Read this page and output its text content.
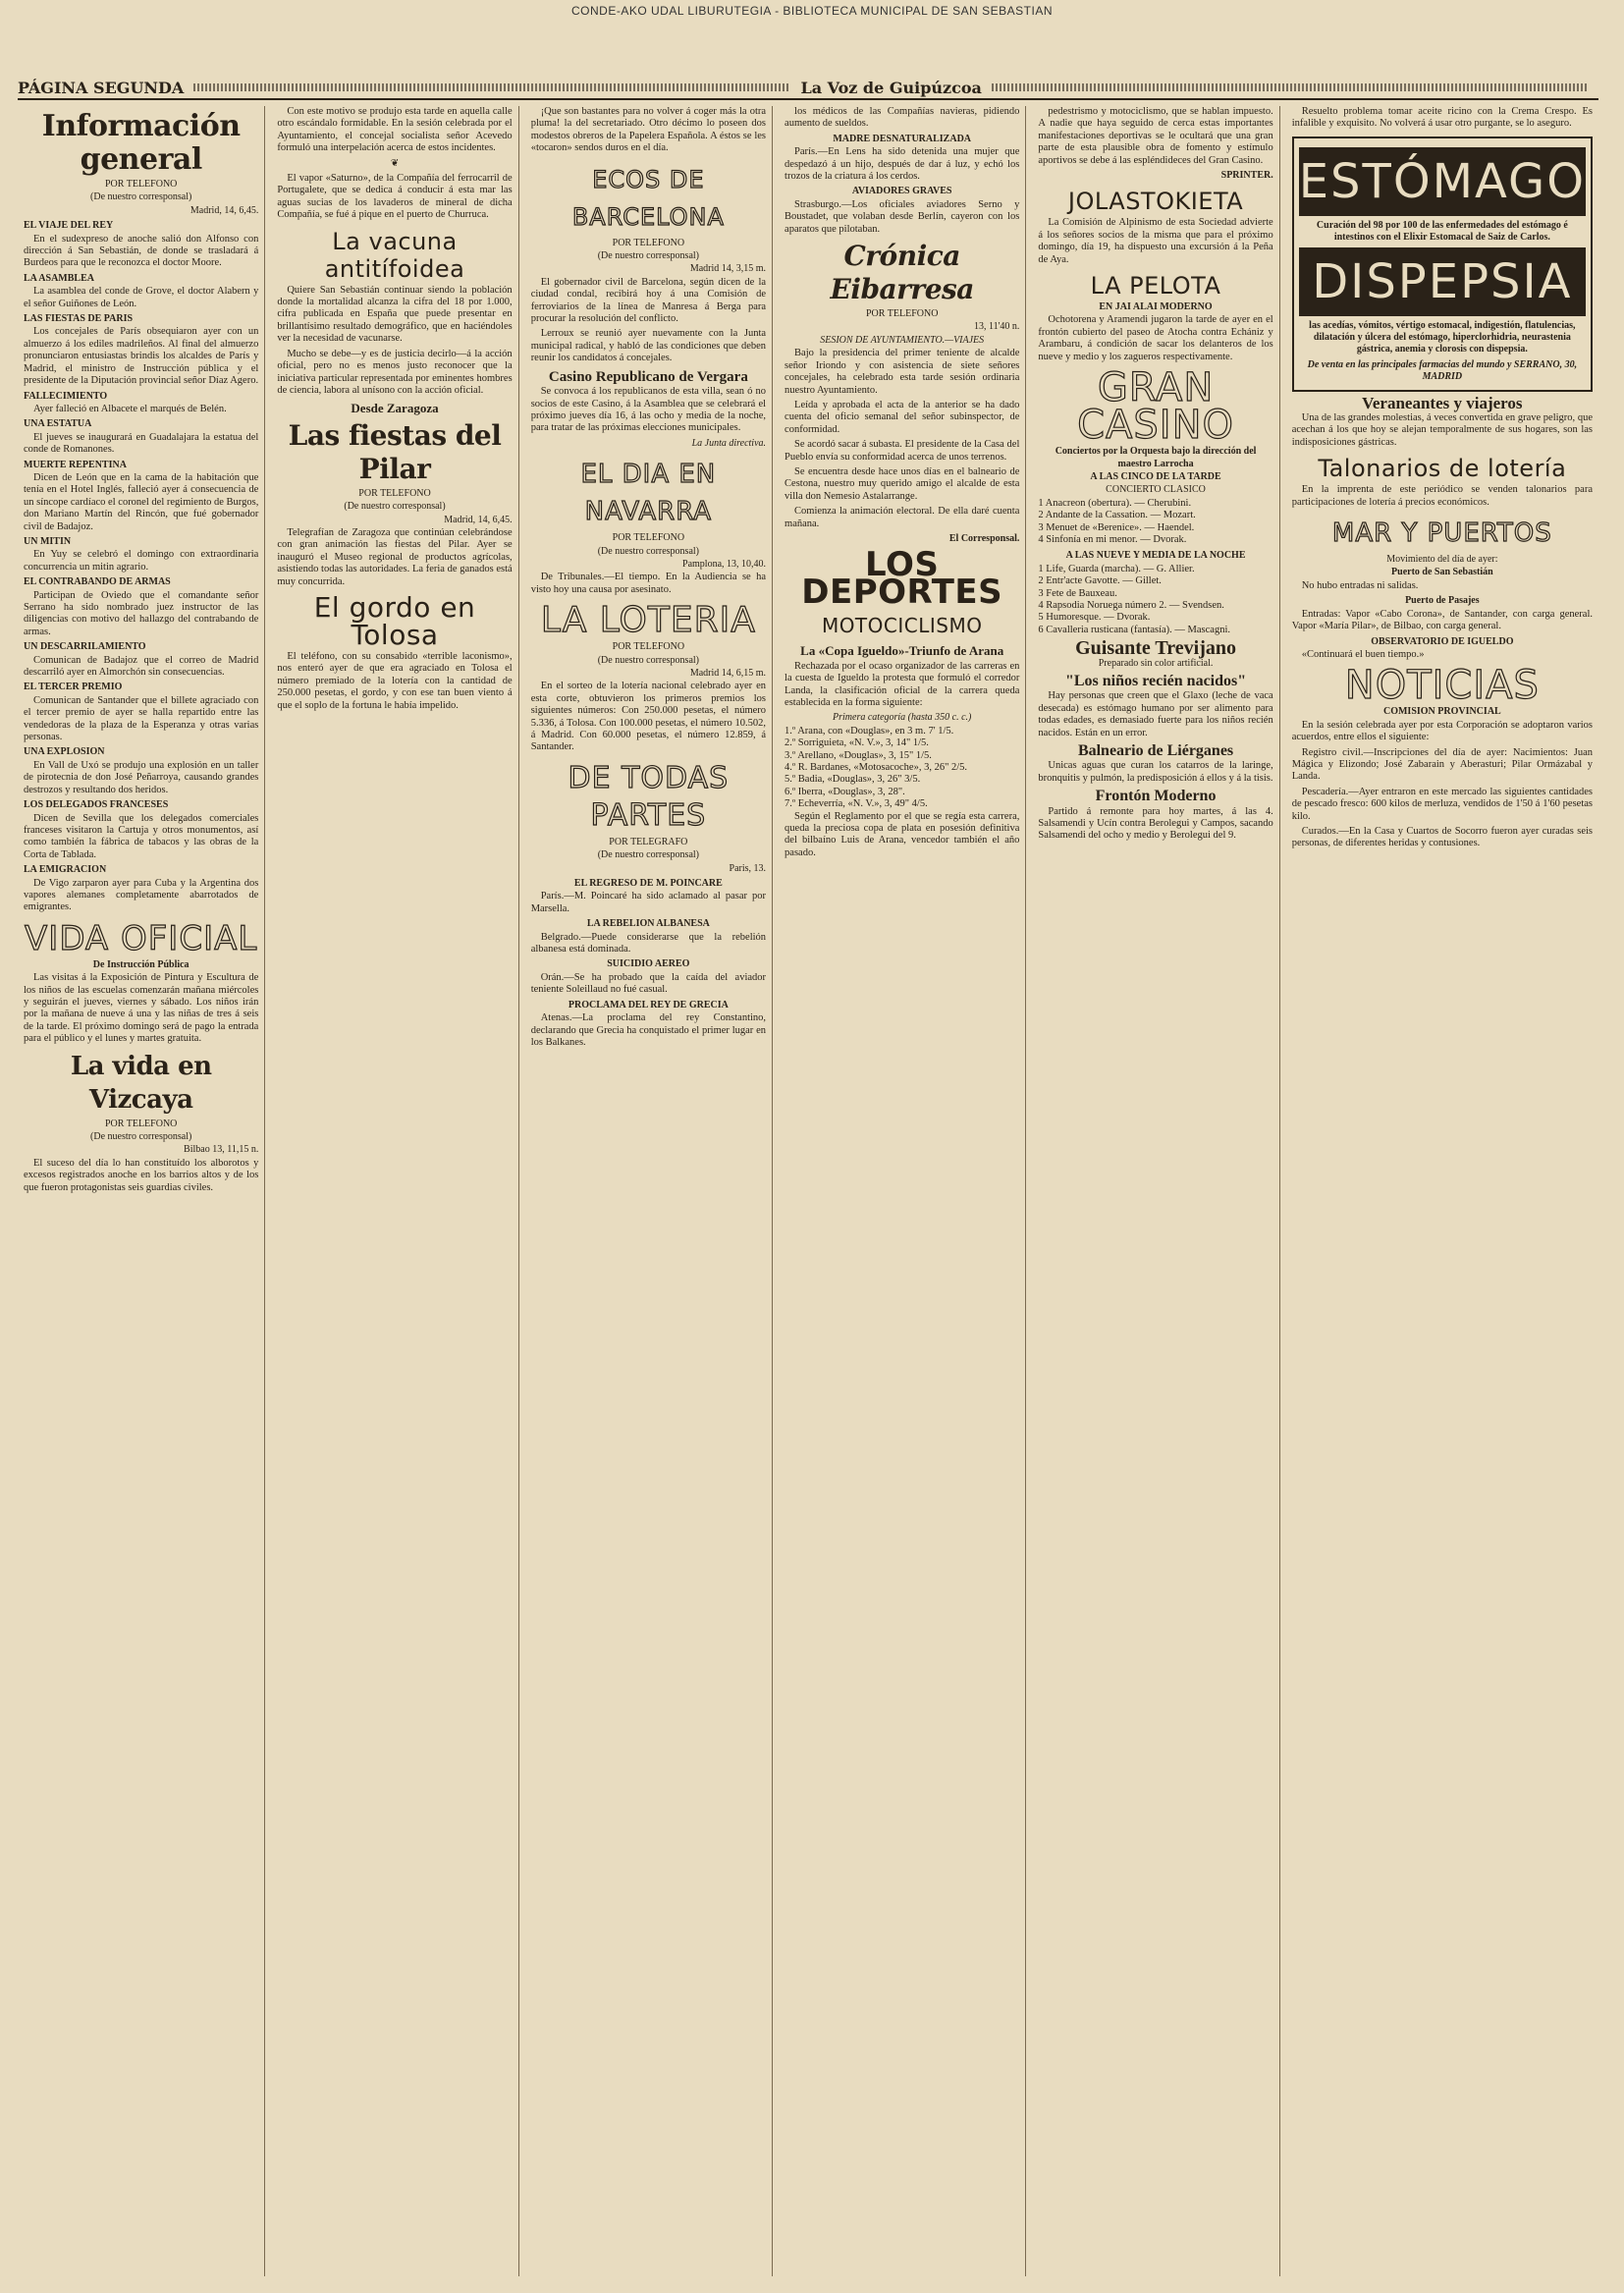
CONDE-AKO UDAL LIBURUTEGIA - BIBLIOTECA MUNICIPAL DE SAN SEBASTIAN
PÁGINA SEGUNDA	La Voz de Guipúzcoa
Información general
POR TELEFONO
(De nuestro corresponsal)
Madrid, 14, 6,45.
EL VIAJE DEL REY

En el sudexpreso de anoche salió don Alfonso con dirección á San Sebastián, de donde se trasladará á Burdeos para que le reconozca el doctor Moore.

LA ASAMBLEA

La asamblea del conde de Grove, el doctor Alabern y el señor Guiñones de León.

LAS FIESTAS DE PARIS

Los concejales de París obsequiaron ayer con un almuerzo á los ediles madrileños. Al final del almuerzo pronunciaron entusiastas brindis los alcaldes de París y Madrid, el ministro de Instrucción pública y el presidente de la Diputación provincial señor Díaz Agero.

FALLECIMIENTO

Ayer falleció en Albacete el marqués de Belén.

UNA ESTATUA

El jueves se inaugurará en Guadalajara la estatua del conde de Romanones.

MUERTE REPENTINA

Dicen de León que en la cama de la habitación que tenía en el Hotel Inglés, falleció ayer á consecuencia de un síncope cardíaco el coronel del regimiento de Burgos, don Mariano Martín del Rincón, que fué gobernador civil de Badajoz.

UN MITIN

En Yuy se celebró el domingo con extraordinaria concurrencia un mitin agrario.

EL CONTRABANDO DE ARMAS

Participan de Oviedo que el comandante señor Serrano ha sido nombrado juez instructor de las diligencias con motivo del hallazgo del contrabando de armas.

UN DESCARRILAMIENTO

Comunican de Badajoz que el correo de Madrid descarriló ayer en Almorchón sin consecuencias.

EL TERCER PREMIO

Comunican de Santander que el billete agraciado con el tercer premio de ayer se halla repartido entre las vendedoras de la plaza de la Esperanza y otras varias personas.

UNA EXPLOSION

En Vall de Uxó se produjo una explosión en un taller de pirotecnia de don José Peñarroya, causando grandes destrozos y resultando dos heridos.

LOS DELEGADOS FRANCESES

Dicen de Sevilla que los delegados comerciales franceses visitaron la Cartuja y otros monumentos, así como también la fábrica de tabacos y las obras de la Corta de Tablada.

LA EMIGRACION

De Vigo zarparon ayer para Cuba y la Argentina dos vapores alemanes completamente abarrotados de emigrantes.

VIDA OFICIAL
De Instrucción Pública

Las visitas á la Exposición de Pintura y Escultura de los niños de las escuelas comenzarán mañana miércoles y seguirán el jueves, viernes y sábado. Los niños irán por la mañana de nueve á una y las niñas de tres á seis de la tarde. El próximo domingo será de pago la entrada para el público y el lunes y martes gratuita.

La vida en Vizcaya
POR TELEFONO
(De nuestro corresponsal)
Bilbao 13, 11,15 n.

El suceso del día lo han constituído los alborotos y excesos registrados anoche en los barrios altos y de los que fueron protagonistas seis guardias civiles.

Con este motivo se produjo esta tarde en aquella calle otro escándalo formidable. En la sesión celebrada por el Ayuntamiento, el concejal socialista señor Acevedo formuló una interpelación acerca de estos incidentes.

❦

El vapor «Saturno», de la Compañía del ferrocarril de Portugalete, que se dedica á conducir á esta mar las aguas sucias de los lavaderos de mineral de dicha Compañía, se fué á pique en el puerto de Churruca.

La vacuna antitífoidea

Quiere San Sebastián continuar siendo la población donde la mortalidad alcanza la cifra del 18 por 1.000, cifra publicada en España que puede presentar en brillantísimo resultado demográfico, que en haciéndoles ver la necesidad de vacunarse.

Mucho se debe—y es de justicia decirlo—á la acción oficial, pero no es menos justo reconocer que la iniciativa particular representada por eminentes hombres de ciencia, labora al unísono con la acción oficial.

Desde Zaragoza
Las fiestas del Pilar
POR TELEFONO
(De nuestro corresponsal)
Madrid, 14, 6,45.

Telegrafían de Zaragoza que continúan celebrándose con gran animación las fiestas del Pilar. Ayer se inauguró el Museo regional de productos agrícolas, asistiendo todas las autoridades. La feria de ganados está muy concurrida.

El gordo en Tolosa

El teléfono, con su consabido «terrible laconismo», nos enteró ayer de que era agraciado en Tolosa el número premiado de la lotería con la cantidad de 250.000 pesetas, el gordo, y con ese tan buen viento á que el soplo de la fortuna le había impelido.

¡Que son bastantes para no volver á coger más la otra pluma! la del secretariado. Otro décimo lo poseen dos modestos obreros de la Papelera Española. A éstos se les «tocaron» sendos duros en el día.

ECOS DE BARCELONA
POR TELEFONO
(De nuestro corresponsal)
Madrid 14, 3,15 m.

El gobernador civil de Barcelona, según dicen de la ciudad condal, recibirá hoy á una Comisión de ferroviarios de la línea de Manresa á Berga para procurar la resolución del conflicto.

Lerroux se reunió ayer nuevamente con la Junta municipal radical, y habló de las condiciones que deben reunir los candidatos á concejales.

Casino Republicano de Vergara

Se convoca á los republicanos de esta villa, sean ó no socios de este Casino, á la Asamblea que se celebrará el próximo jueves día 16, á las ocho y media de la noche, para tratar de las próximas elecciones municipales.

La Junta directiva.
EL DIA EN NAVARRA
POR TELEFONO
(De nuestro corresponsal)
Pamplona, 13, 10,40.

De Tribunales.—El tiempo. En la Audiencia se ha visto hoy una causa por asesinato.

LA LOTERIA
POR TELEFONO
(De nuestro corresponsal)
Madrid 14, 6,15 m.

En el sorteo de la lotería nacional celebrado ayer en esta corte, obtuvieron los primeros premios los siguientes números: Con 250.000 pesetas, el número 5.336, á Tolosa. Con 100.000 pesetas, el número 10.502, á Madrid. Con 60.000 pesetas, el número 12.859, á Santander.

DE TODAS PARTES
POR TELEGRAFO
(De nuestro corresponsal)
Paris, 13.
EL REGRESO DE M. POINCARE

París.—M. Poincaré ha sido aclamado al pasar por Marsella.

LA REBELION ALBANESA

Belgrado.—Puede considerarse que la rebelión albanesa está dominada.

SUICIDIO AEREO

Orán.—Se ha probado que la caída del aviador teniente Soleillaud no fué casual.

PROCLAMA DEL REY DE GRECIA

Atenas.—La proclama del rey Constantino, declarando que Grecia ha conquistado el primer lugar en los Balkanes.

los médicos de las Compañías navieras, pidiendo aumento de sueldos.

MADRE DESNATURALIZADA

París.—En Lens ha sido detenida una mujer que despedazó á un hijo, después de dar á luz, y echó los trozos de la criatura á los cerdos.

AVIADORES GRAVES

Strasburgo.—Los oficiales aviadores Serno y Boustadet, que volaban desde Berlín, cayeron con los aparatos que pilotaban.

Crónica Eibarresa
POR TELEFONO
13, 11'40 n.
SESION DE AYUNTAMIENTO.—VIAJES

Bajo la presidencia del primer teniente de alcalde señor Iriondo y con asistencia de siete señores concejales, ha celebrado esta tarde sesión ordinaria nuestro Ayuntamiento.

Leída y aprobada el acta de la anterior se ha dado cuenta del oficio semanal del señor subinspector, de conformidad.

Se acordó sacar á subasta. El presidente de la Casa del Pueblo envía su conformidad acerca de unos terrenos.

Se encuentra desde hace unos días en el balneario de Cestona, nuestro muy querido amigo el alcalde de esta villa don Nemesio Astalarrange.

Comienza la animación electoral. De ella daré cuenta mañana.

El Corresponsal.
LOS DEPORTES
MOTOCICLISMO
La «Copa Igueldo»-Triunfo de Arana

Rechazada por el ocaso organizador de las carreras en la cuesta de Igueldo la protesta que formuló el corredor Landa, la clasificación oficial de la carrera queda establecida en la forma siguiente:

Primera categoría (hasta 350 c. c.)
1.º Arana, con «Douglas», en 3 m. 7' 1/5.
2.º Sorriguieta, «N. V.», 3, 14" 1/5.
3.º Arellano, «Douglas», 3, 15" 1/5.
4.º R. Bardanes, «Motosacoche», 3, 26" 2/5.
5.º Badia, «Douglas», 3, 26" 3/5.
6.º Iberra, «Douglas», 3, 28".
7.º Echeverría, «N. V.», 3, 49" 4/5.

Según el Reglamento por el que se regía esta carrera, queda la preciosa copa de plata en posesión definitiva del bilbaíno Luis de Arana, vencedor también el año pasado.

pedestrismo y motociclismo, que se hablan impuesto. A nadie que haya seguido de cerca estas importantes manifestaciones deportivas se le ocultará que una gran parte de esta plausible obra de fomento y estímulo aportivos se debe á las espléndideces del Gran Casino.

SPRINTER.
JOLASTOKIETA

La Comisión de Alpinismo de esta Sociedad advierte á los señores socios de la misma que para el próximo domingo, día 19, ha dispuesto una excursión á la Peña de Aya.

LA PELOTA
EN JAI ALAI MODERNO

Ochotorena y Aramendi jugaron la tarde de ayer en el frontón cubierto del paseo de Atocha contra Echániz y Arambaru, á condición de sacar los delanteros de los nueve y medio y los zagueros respectivamente.

GRAN CASINO
Conciertos por la Orquesta bajo la dirección del maestro Larrocha
A LAS CINCO DE LA TARDE
CONCIERTO CLASICO
1 Anacreon (obertura). — Cherubini.
2 Andante de la Cassation. — Mozart.
3 Menuet de «Berenice». — Haendel.
4 Sinfonía en mi menor. — Dvorak.
A LAS NUEVE Y MEDIA DE LA NOCHE
1 Life, Guarda (marcha). — G. Allier.
2 Entr'acte Gavotte. — Gillet.
3 Fete de Bauxeau.
4 Rapsodia Noruega número 2. — Svendsen.
5 Humoresque. — Dvorak.
6 Cavalleria rusticana (fantasía). — Mascagni.
Guisante Trevijano
Preparado sin color artificial.
"Los niños recién nacidos"

Hay personas que creen que el Glaxo (leche de vaca desecada) es estómago humano por ser alimento para todas edades, es demasiado fuerte para los niños recién nacidos. Están en un error.

Balneario de Liérganes

Unicas aguas que curan los catarros de la laringe, bronquitis y pulmón, la predisposición á ellos y á la tisis.

Frontón Moderno

Partido á remonte para hoy martes, á las 4. Salsamendi y Ucín contra Berolegui y Campos, sacando Salsamendi del ocho y medio y Berolegui del 9.

Resuelto problema tomar aceite ricino con la Crema Crespo. Es infalible y exquisito. No volverá á usar otro purgante, se lo aseguro.

ESTÓMAGO
Curación del 98 por 100 de las enfermedades del estómago é intestinos con el Elixir Estomacal de Saiz de Carlos.
DISPEPSIA
las acedías, vómitos, vértigo estomacal, indigestión, flatulencias, dilatación y úlcera del estómago, hiperclorhidria, neurastenia gástrica, anemia y clorosis con dispepsia.
De venta en las principales farmacias del mundo y SERRANO, 30, MADRID
Veraneantes y viajeros

Una de las grandes molestias, á veces convertida en grave peligro, que acechan á los que hoy se alejan temporalmente de sus hogares, son las indisposiciones gástricas.

Talonarios de lotería

En la imprenta de este periódico se venden talonarios para participaciones de lotería á precios económicos.

MAR Y PUERTOS
Movimiento del día de ayer:
Puerto de San Sebastián

No hubo entradas ni salidas.

Puerto de Pasajes

Entradas: Vapor «Cabo Corona», de Santander, con carga general. Vapor «María Pilar», de Bilbao, con carga general.

OBSERVATORIO DE IGUELDO

«Continuará el buen tiempo.»

NOTICIAS
COMISION PROVINCIAL

En la sesión celebrada ayer por esta Corporación se adoptaron varios acuerdos, entre ellos el siguiente:

Registro civil.—Inscripciones del día de ayer: Nacimientos: Juan Mágica y Elizondo; José Zabarain y Aberasturi; Pilar Ormázabal y Landa.

Pescadería.—Ayer entraron en este mercado las siguientes cantidades de pescado fresco: 600 kilos de merluza, vendidos de 1'50 á 1'60 pesetas kilo.

Curados.—En la Casa y Cuartos de Socorro fueron ayer curadas seis personas, de diferentes heridas y contusiones.
